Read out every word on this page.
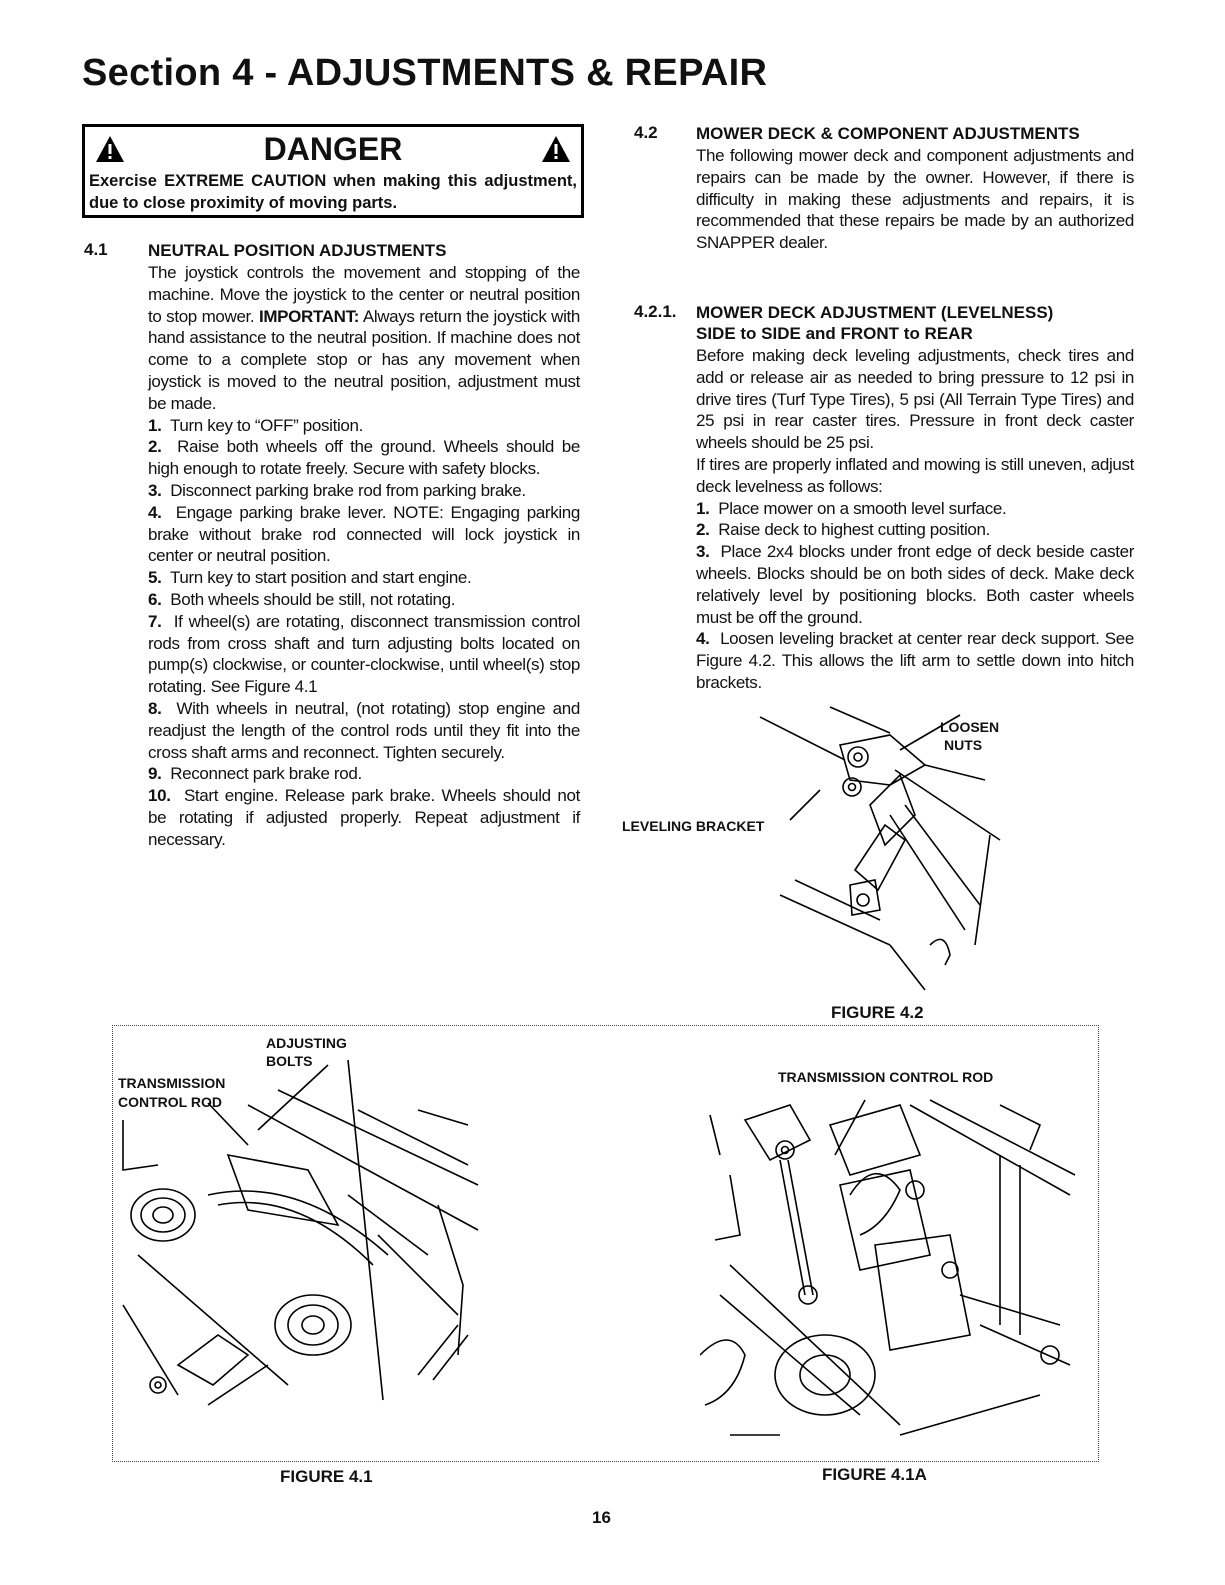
Section 4 - ADJUSTMENTS & REPAIR
DANGER
Exercise EXTREME CAUTION when making this adjustment, due to close proximity of moving parts.
4.1 NEUTRAL POSITION ADJUSTMENTS

The joystick controls the movement and stopping of the machine. Move the joystick to the center or neutral position to stop mower. IMPORTANT: Always return the joystick with hand assistance to the neutral position. If machine does not come to a complete stop or has any movement when joystick is moved to the neutral position, adjustment must be made.

1. Turn key to “OFF” position.

2. Raise both wheels off the ground. Wheels should be high enough to rotate freely. Secure with safety blocks.

3. Disconnect parking brake rod from parking brake.

4. Engage parking brake lever. NOTE: Engaging parking brake without brake rod connected will lock joystick in center or neutral position.

5. Turn key to start position and start engine.

6. Both wheels should be still, not rotating.

7. If wheel(s) are rotating, disconnect transmission control rods from cross shaft and turn adjusting bolts located on pump(s) clockwise, or counter-clockwise, until wheel(s) stop rotating. See Figure 4.1

8. With wheels in neutral, (not rotating) stop engine and readjust the length of the control rods until they fit into the cross shaft arms and reconnect. Tighten securely.

9. Reconnect park brake rod.

10. Start engine. Release park brake. Wheels should not be rotating if adjusted properly. Repeat adjustment if necessary.

4.2 MOWER DECK & COMPONENT ADJUSTMENTS

The following mower deck and component adjustments and repairs can be made by the owner. However, if there is difficulty in making these adjustments and repairs, it is recommended that these repairs be made by an authorized SNAPPER dealer.

4.2.1. MOWER DECK ADJUSTMENT (LEVELNESS)
SIDE to SIDE and FRONT to REAR

Before making deck leveling adjustments, check tires and add or release air as needed to bring pressure to 12 psi in drive tires (Turf Type Tires), 5 psi (All Terrain Type Tires) and 25 psi in rear caster tires. Pressure in front deck caster wheels should be 25 psi.

If tires are properly inflated and mowing is still uneven, adjust deck levelness as follows:

1. Place mower on a smooth level surface.

2. Raise deck to highest cutting position.

3. Place 2x4 blocks under front edge of deck beside caster wheels. Blocks should be on both sides of deck. Make deck relatively level by positioning blocks. Both caster wheels must be off the ground.

4. Loosen leveling bracket at center rear deck support. See Figure 4.2. This allows the lift arm to settle down into hitch brackets.

LOOSEN
NUTS
LEVELING BRACKET
FIGURE 4.2
ADJUSTING
BOLTS
TRANSMISSION
CONTROL ROD
FIGURE 4.1
TRANSMISSION CONTROL ROD
FIGURE 4.1A
16
